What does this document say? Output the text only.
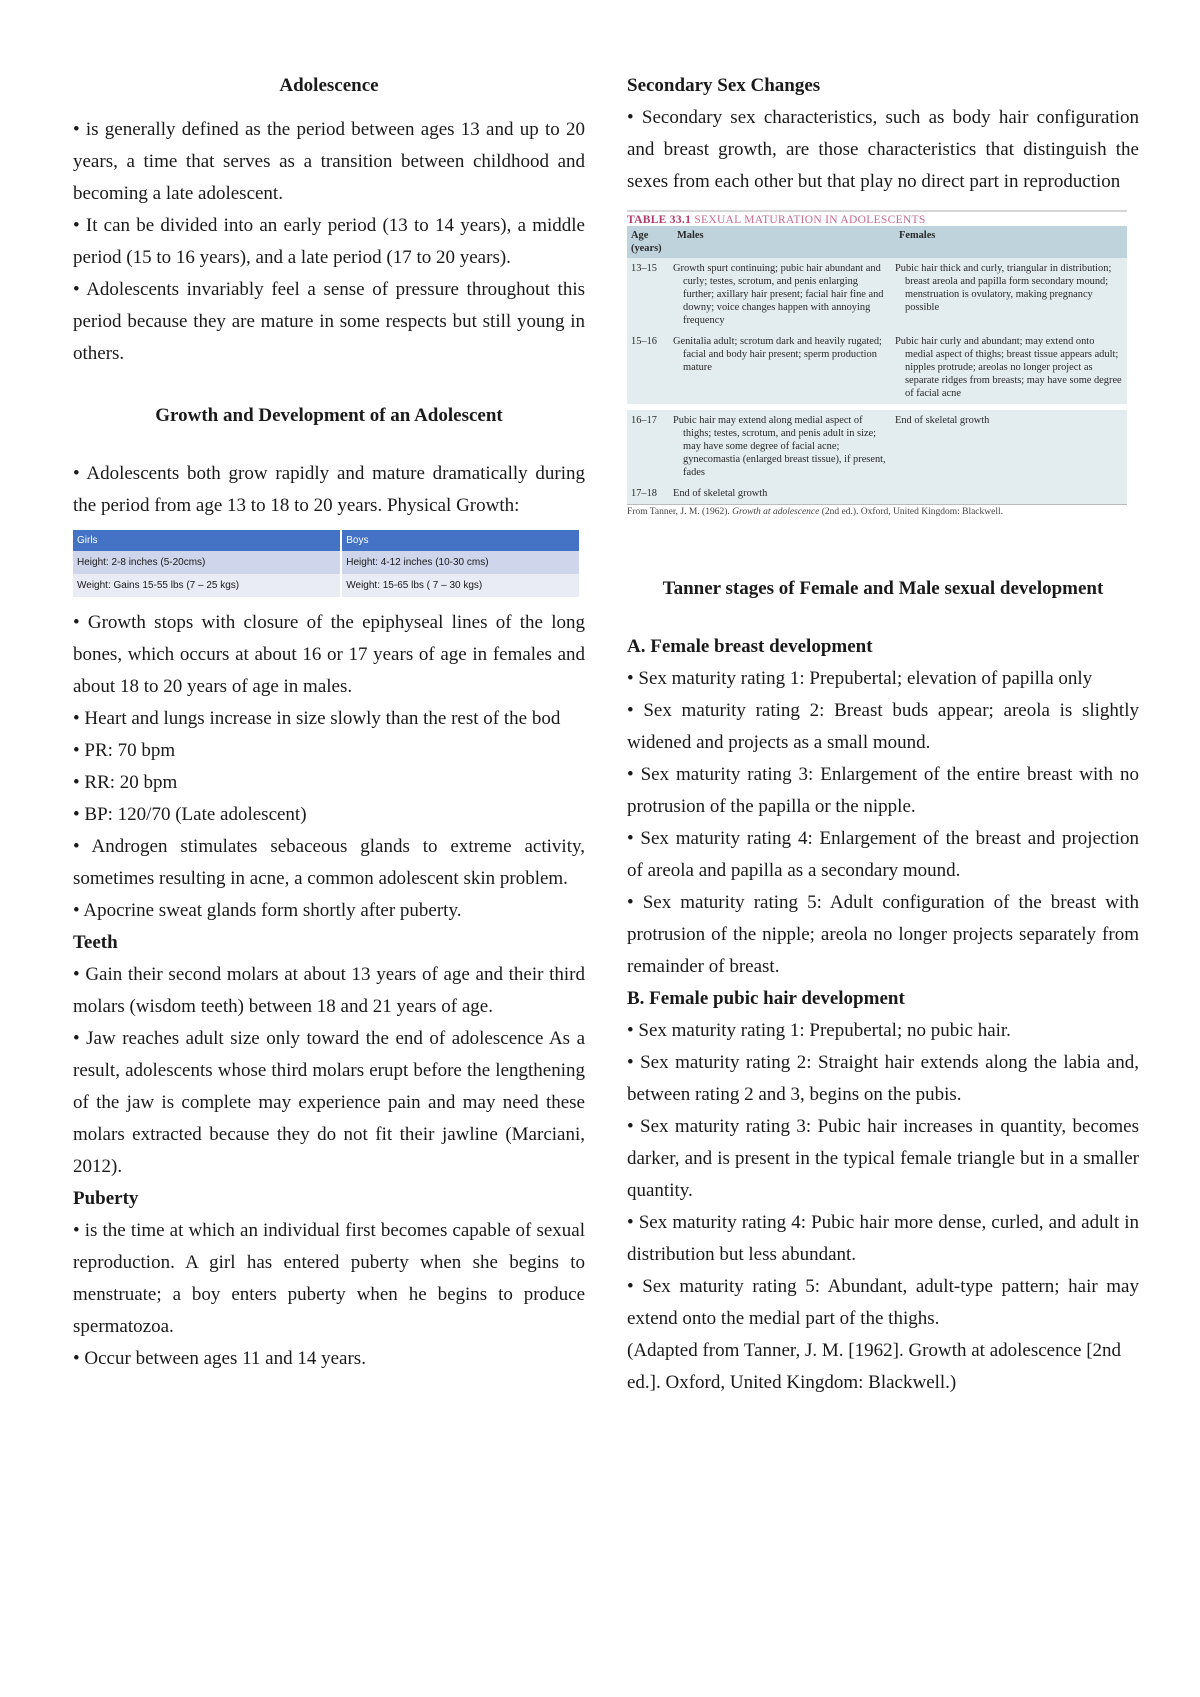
Adolescence

• is generally defined as the period between ages 13 and up to 20 years, a time that serves as a transition between childhood and becoming a late adolescent.

• It can be divided into an early period (13 to 14 years), a middle period (15 to 16 years), and a late period (17 to 20 years).

• Adolescents invariably feel a sense of pressure throughout this period because they are mature in some respects but still young in others.

Growth and Development of an Adolescent

• Adolescents both grow rapidly and mature dramatically during the period from age 13 to 18 to 20 years. Physical Growth:

Girls	Boys
Height: 2-8 inches (5-20cms)	Height: 4-12 inches (10-30 cms)
Weight: Gains 15-55 lbs (7 – 25 kgs)	Weight: 15-65 lbs ( 7 – 30 kgs)

• Growth stops with closure of the epiphyseal lines of the long bones, which occurs at about 16 or 17 years of age in females and about 18 to 20 years of age in males.

• Heart and lungs increase in size slowly than the rest of the bod

• PR: 70 bpm

• RR: 20 bpm

• BP: 120/70 (Late adolescent)

• Androgen stimulates sebaceous glands to extreme activity, sometimes resulting in acne, a common adolescent skin problem.

• Apocrine sweat glands form shortly after puberty.

Teeth

• Gain their second molars at about 13 years of age and their third molars (wisdom teeth) between 18 and 21 years of age.

• Jaw reaches adult size only toward the end of adolescence As a result, adolescents whose third molars erupt before the lengthening of the jaw is complete may experience pain and may need these molars extracted because they do not fit their jawline (Marciani, 2012).

Puberty

• is the time at which an individual first becomes capable of sexual reproduction. A girl has entered puberty when she begins to menstruate; a boy enters puberty when he begins to produce spermatozoa.

• Occur between ages 11 and 14 years.

Secondary Sex Changes

• Secondary sex characteristics, such as body hair configuration and breast growth, are those characteristics that distinguish the sexes from each other but that play no direct part in reproduction

TABLE 33.1 SEXUAL MATURATION IN ADOLESCENTS
Age (years)	Males	Females
13–15	Growth spurt continuing; pubic hair abundant and curly; testes, scrotum, and penis enlarging further; axillary hair present; facial hair fine and downy; voice changes happen with annoying frequency	Pubic hair thick and curly, triangular in distribution; breast areola and papilla form secondary mound; menstruation is ovulatory, making pregnancy possible
15–16	Genitalia adult; scrotum dark and heavily rugated; facial and body hair present; sperm production mature	Pubic hair curly and abundant; may extend onto medial aspect of thighs; breast tissue appears adult; nipples protrude; areolas no longer project as separate ridges from breasts; may have some degree of facial acne

16–17	Pubic hair may extend along medial aspect of thighs; testes, scrotum, and penis adult in size; may have some degree of facial acne; gynecomastia (enlarged breast tissue), if present, fades	End of skeletal growth
17–18	End of skeletal growth	
From Tanner, J. M. (1962). Growth at adolescence (2nd ed.). Oxford, United Kingdom: Blackwell.

Tanner stages of Female and Male sexual development

A. Female breast development

• Sex maturity rating 1: Prepubertal; elevation of papilla only

• Sex maturity rating 2: Breast buds appear; areola is slightly widened and projects as a small mound.

• Sex maturity rating 3: Enlargement of the entire breast with no protrusion of the papilla or the nipple.

• Sex maturity rating 4: Enlargement of the breast and projection of areola and papilla as a secondary mound.

• Sex maturity rating 5: Adult configuration of the breast with protrusion of the nipple; areola no longer projects separately from remainder of breast.

B. Female pubic hair development

• Sex maturity rating 1: Prepubertal; no pubic hair.

• Sex maturity rating 2: Straight hair extends along the labia and, between rating 2 and 3, begins on the pubis.

• Sex maturity rating 3: Pubic hair increases in quantity, becomes darker, and is present in the typical female triangle but in a smaller quantity.

• Sex maturity rating 4: Pubic hair more dense, curled, and adult in distribution but less abundant.

• Sex maturity rating 5: Abundant, adult-type pattern; hair may extend onto the medial part of the thighs.

(Adapted from Tanner, J. M. [1962]. Growth at adolescence [2nd ed.]. Oxford, United Kingdom: Blackwell.)
